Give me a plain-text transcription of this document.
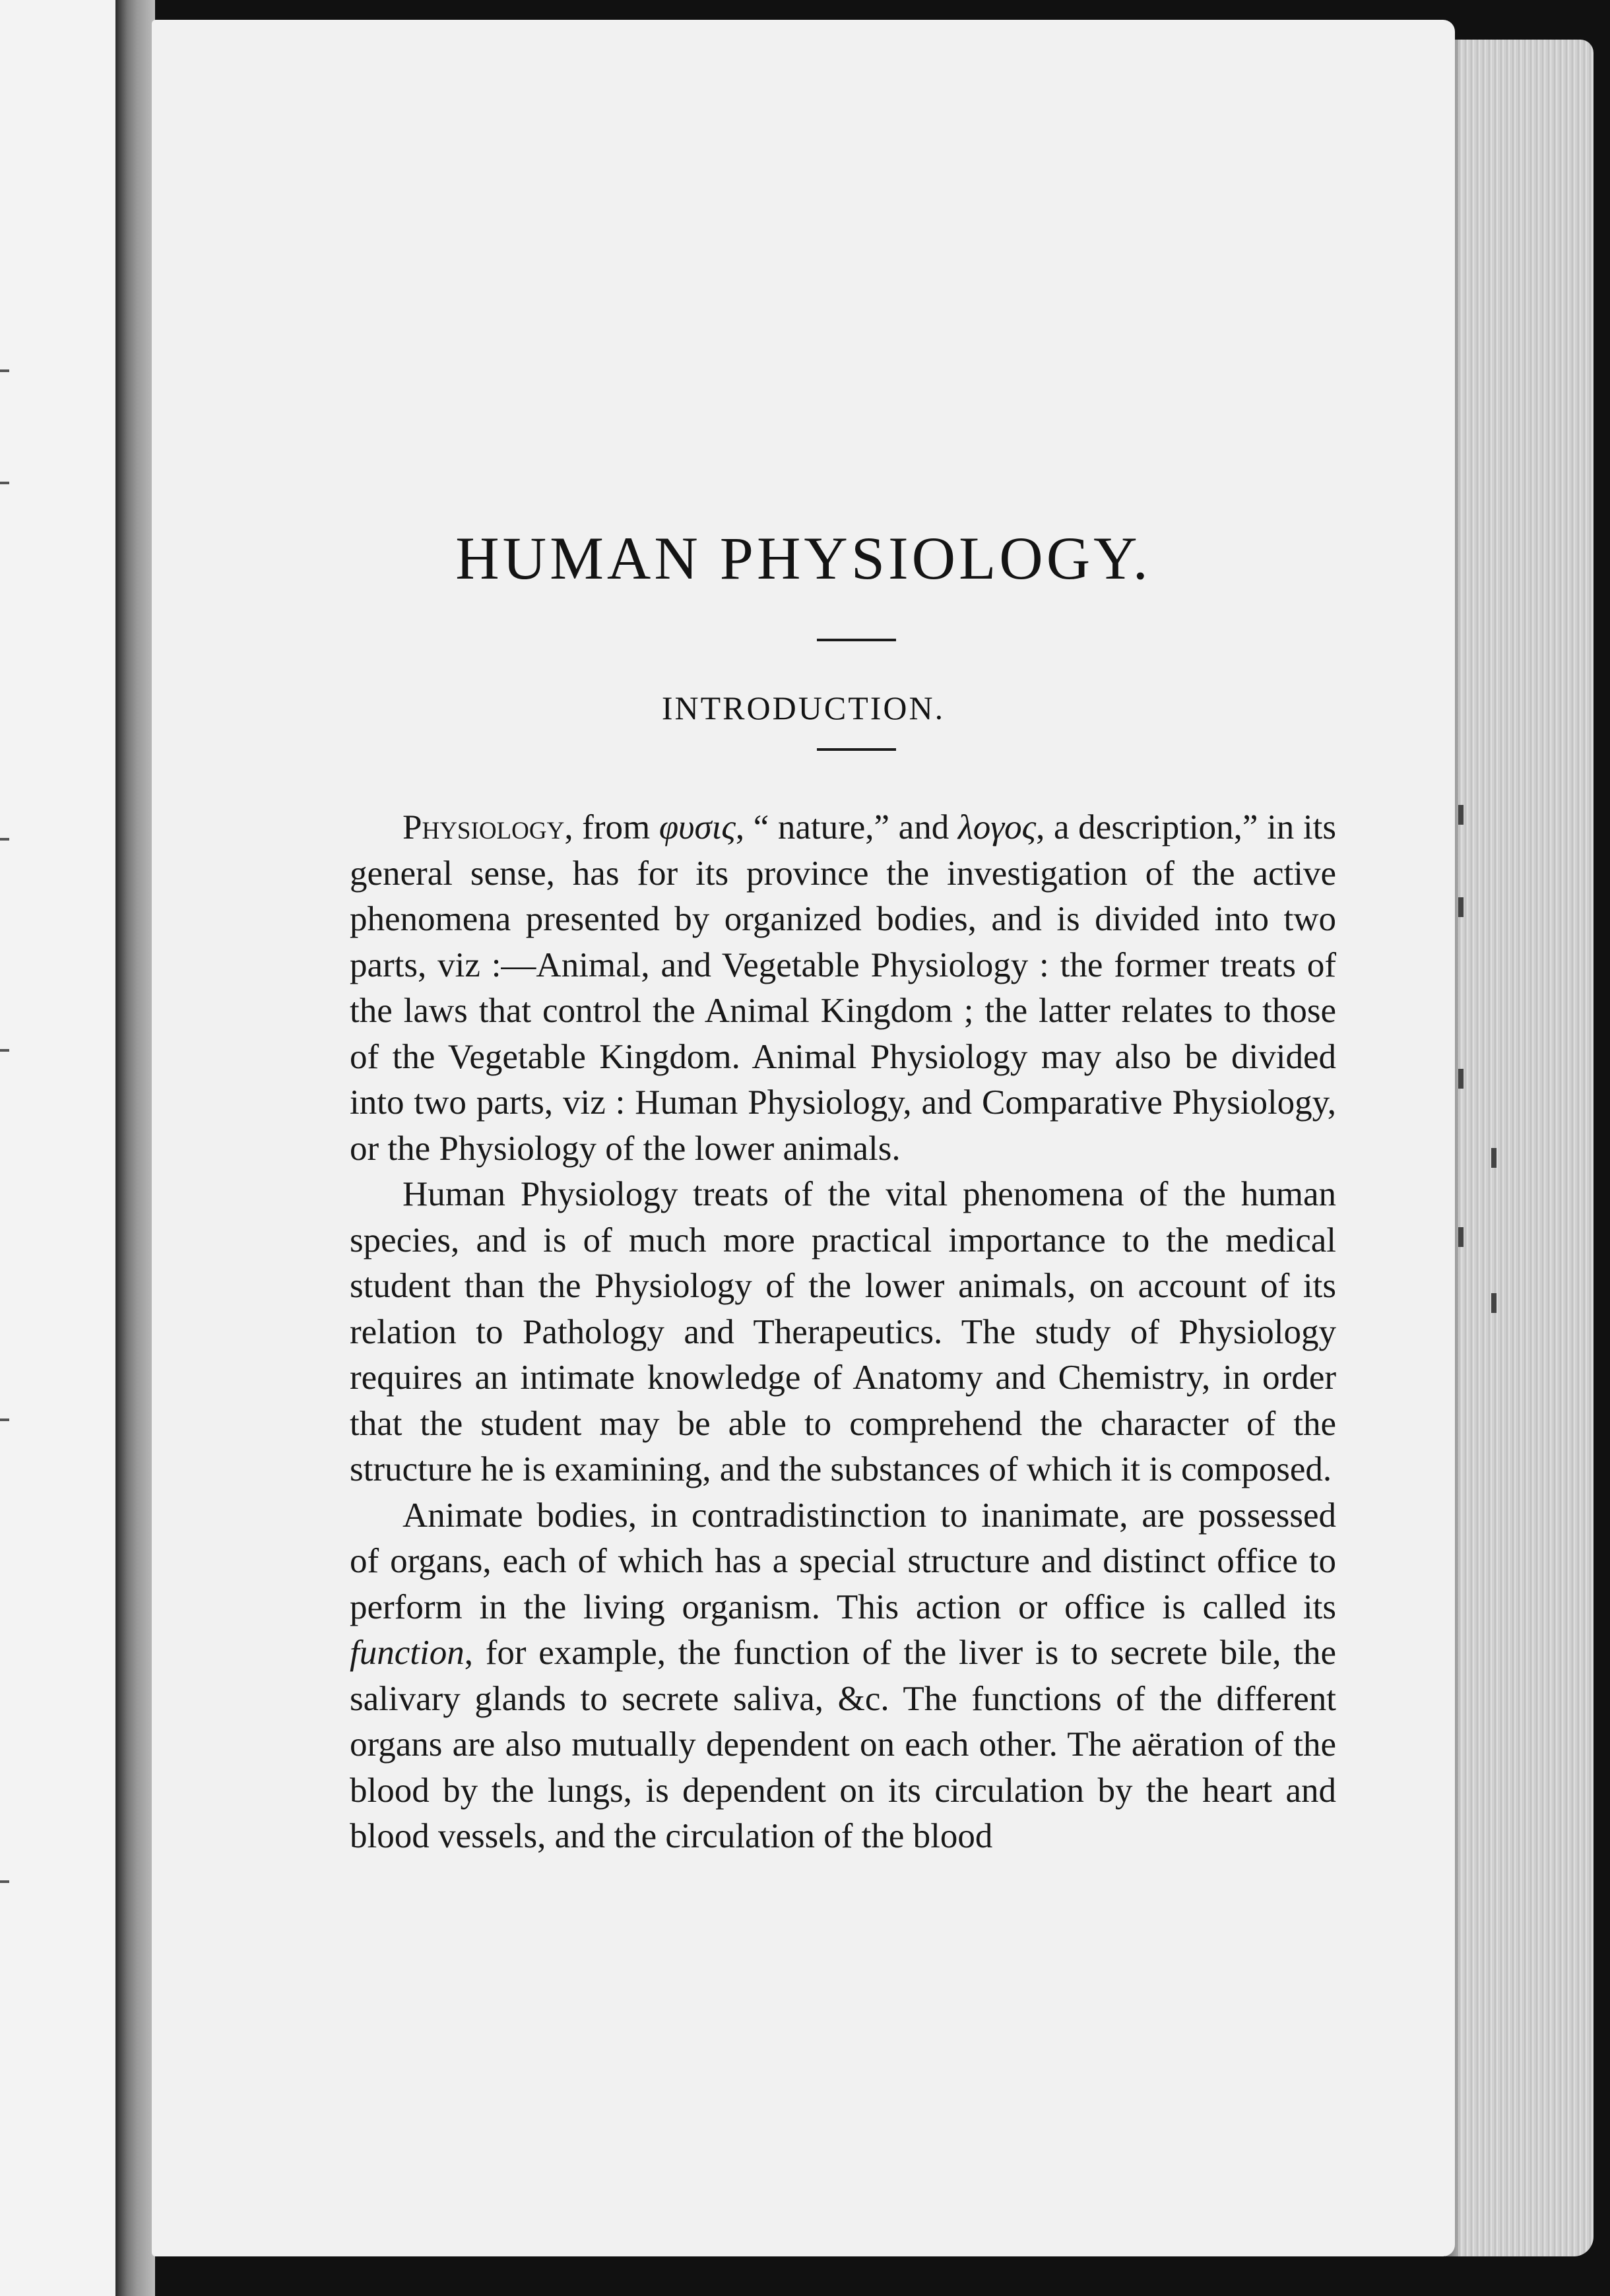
HUMAN PHYSIOLOGY.
INTRODUCTION.

Physiology, from φυσις, “ nature,” and λογος, a description,” in its general sense, has for its province the investigation of the active phenomena presented by organized bodies, and is divided into two parts, viz :—Animal, and Vegetable Physiology : the former treats of the laws that control the Animal Kingdom ; the latter relates to those of the Vegetable Kingdom. Animal Physiology may also be divided into two parts, viz : Human Physiology, and Comparative Physiology, or the Physiology of the lower animals.

Human Physiology treats of the vital phenomena of the human species, and is of much more practical importance to the medical student than the Physiology of the lower animals, on account of its relation to Pathology and Therapeutics. The study of Physiology requires an intimate knowledge of Anatomy and Chemistry, in order that the student may be able to comprehend the character of the structure he is examining, and the substances of which it is composed.

Animate bodies, in contradistinction to inanimate, are possessed of organs, each of which has a special structure and distinct office to perform in the living organism. This action or office is called its function, for example, the function of the liver is to secrete bile, the salivary glands to secrete saliva, &c. The functions of the different organs are also mutually dependent on each other. The aëration of the blood by the lungs, is dependent on its circulation by the heart and blood vessels, and the circulation of the blood
